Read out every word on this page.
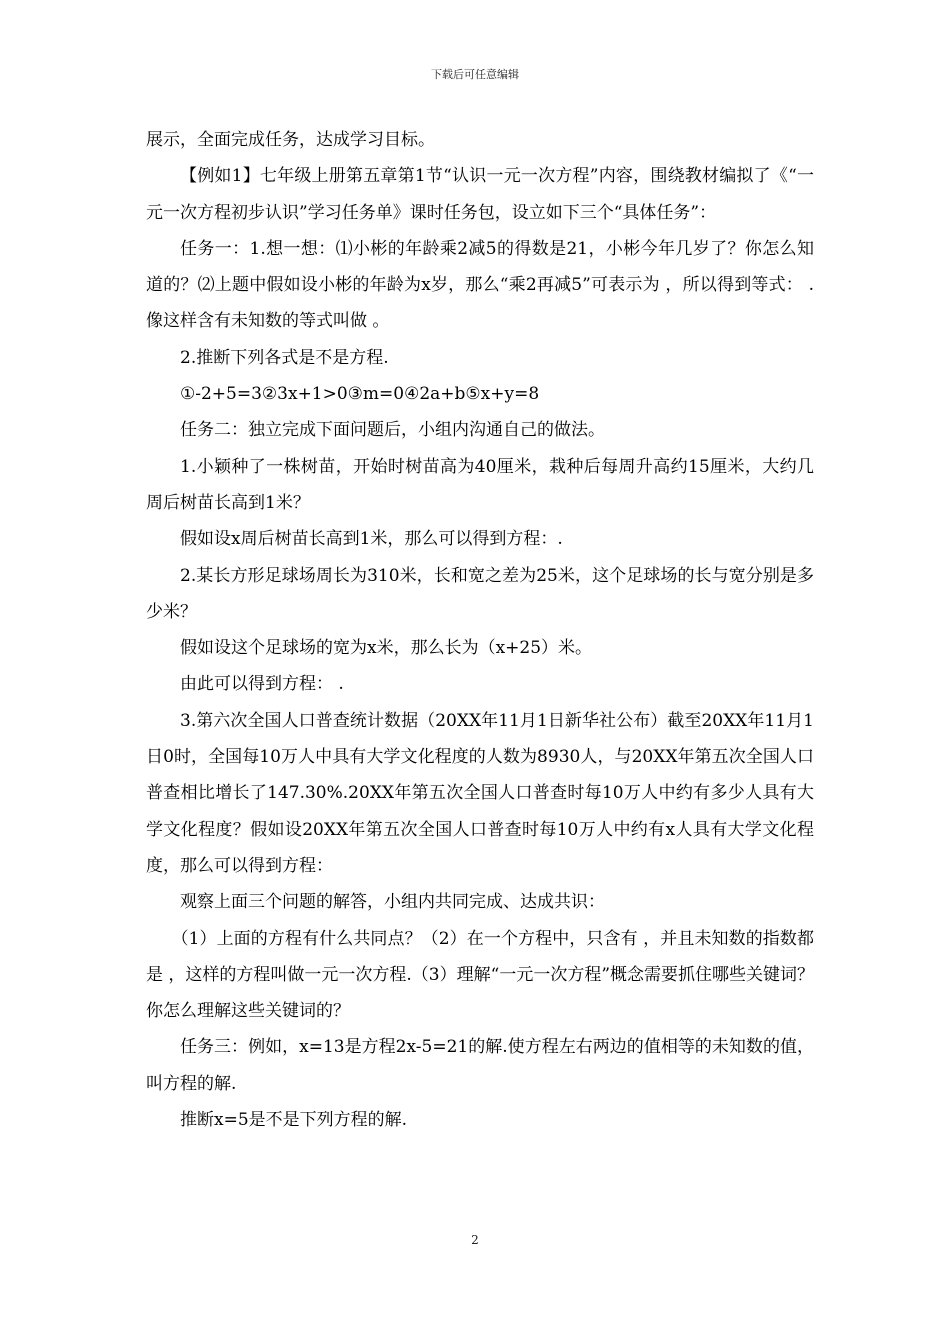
下载后可任意编辑

展示，全面完成任务，达成学习目标。

【例如1】七年级上册第五章第1节“认识一元一次方程”内容，围绕教材编拟了《“一元一次方程初步认识”学习任务单》课时任务包，设立如下三个“具体任务”：

任务一：1.想一想：⑴小彬的年龄乘2减5的得数是21，小彬今年几岁了？你怎么知道的？⑵上题中假如设小彬的年龄为x岁，那么“乘2再减5”可表示为 ，所以得到等式： .像这样含有未知数的等式叫做 。

2.推断下列各式是不是方程.

①-2+5=3②3x+1>0③m=0④2a+b⑤x+y=8

任务二：独立完成下面问题后，小组内沟通自己的做法。

1.小颖种了一株树苗，开始时树苗高为40厘米，栽种后每周升高约15厘米，大约几周后树苗长高到1米？

假如设x周后树苗长高到1米，那么可以得到方程：.

2.某长方形足球场周长为310米，长和宽之差为25米，这个足球场的长与宽分别是多少米？

假如设这个足球场的宽为x米，那么长为（x+25）米。

由此可以得到方程： .

3.第六次全国人口普查统计数据（20XX年11月1日新华社公布）截至20XX年11月1日0时，全国每10万人中具有大学文化程度的人数为8930人，与20XX年第五次全国人口普查相比增长了147.30%.20XX年第五次全国人口普查时每10万人中约有多少人具有大学文化程度？假如设20XX年第五次全国人口普查时每10万人中约有x人具有大学文化程度，那么可以得到方程：

观察上面三个问题的解答，小组内共同完成、达成共识：

（1）上面的方程有什么共同点？（2）在一个方程中，只含有 ，并且未知数的指数都是 ，这样的方程叫做一元一次方程.（3）理解“一元一次方程”概念需要抓住哪些关键词？你怎么理解这些关键词的？

任务三：例如，x=13是方程2x-5=21的解.使方程左右两边的值相等的未知数的值，叫方程的解.

推断x=5是不是下列方程的解.

2
